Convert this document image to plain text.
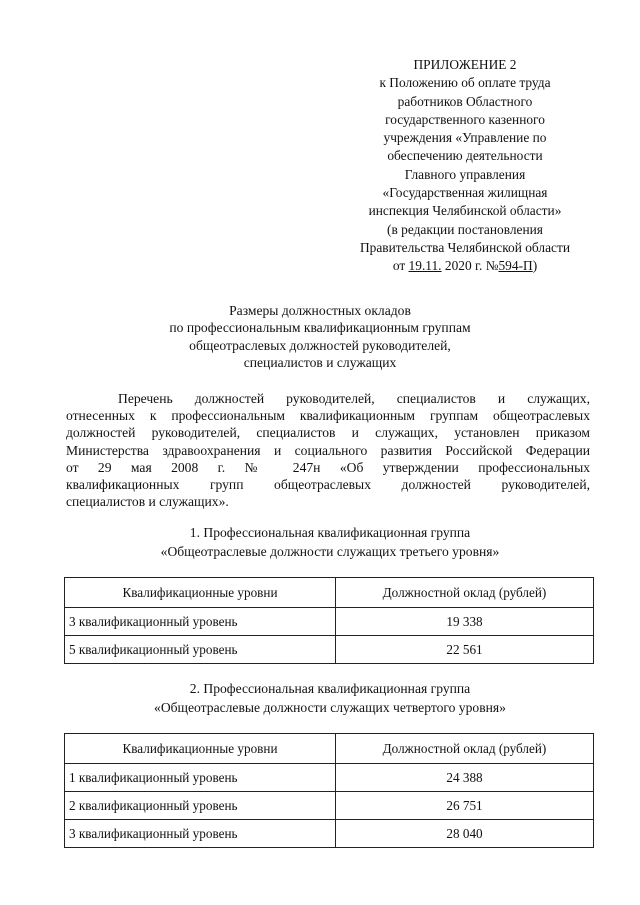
ПРИЛОЖЕНИЕ 2
к Положению об оплате труда
работников Областного
государственного казенного
учреждения «Управление по
обеспечению деятельности
Главного управления
«Государственная жилищная
инспекция Челябинской области»
(в редакции постановления
Правительства Челябинской области
от 19.11. 2020 г. №594-П)
Размеры должностных окладов
по профессиональным квалификационным группам
общеотраслевых должностей руководителей,
специалистов и служащих
Перечень должностей руководителей, специалистов и служащих,
отнесенных к профессиональным квалификационным группам общеотраслевых
должностей руководителей, специалистов и служащих, установлен приказом
Министерства здравоохранения и социального развития Российской Федерации
от 29 мая 2008 г. № 247н «Об утверждении профессиональных
квалификационных групп общеотраслевых должностей руководителей,
специалистов и служащих».
1. Профессиональная квалификационная группа
«Общеотраслевые должности служащих третьего уровня»
Квалификационные уровни	Должностной оклад (рублей)
3 квалификационный уровень	19 338
5 квалификационный уровень	22 561
2. Профессиональная квалификационная группа
«Общеотраслевые должности служащих четвертого уровня»
Квалификационные уровни	Должностной оклад (рублей)
1 квалификационный уровень	24 388
2 квалификационный уровень	26 751
3 квалификационный уровень	28 040
